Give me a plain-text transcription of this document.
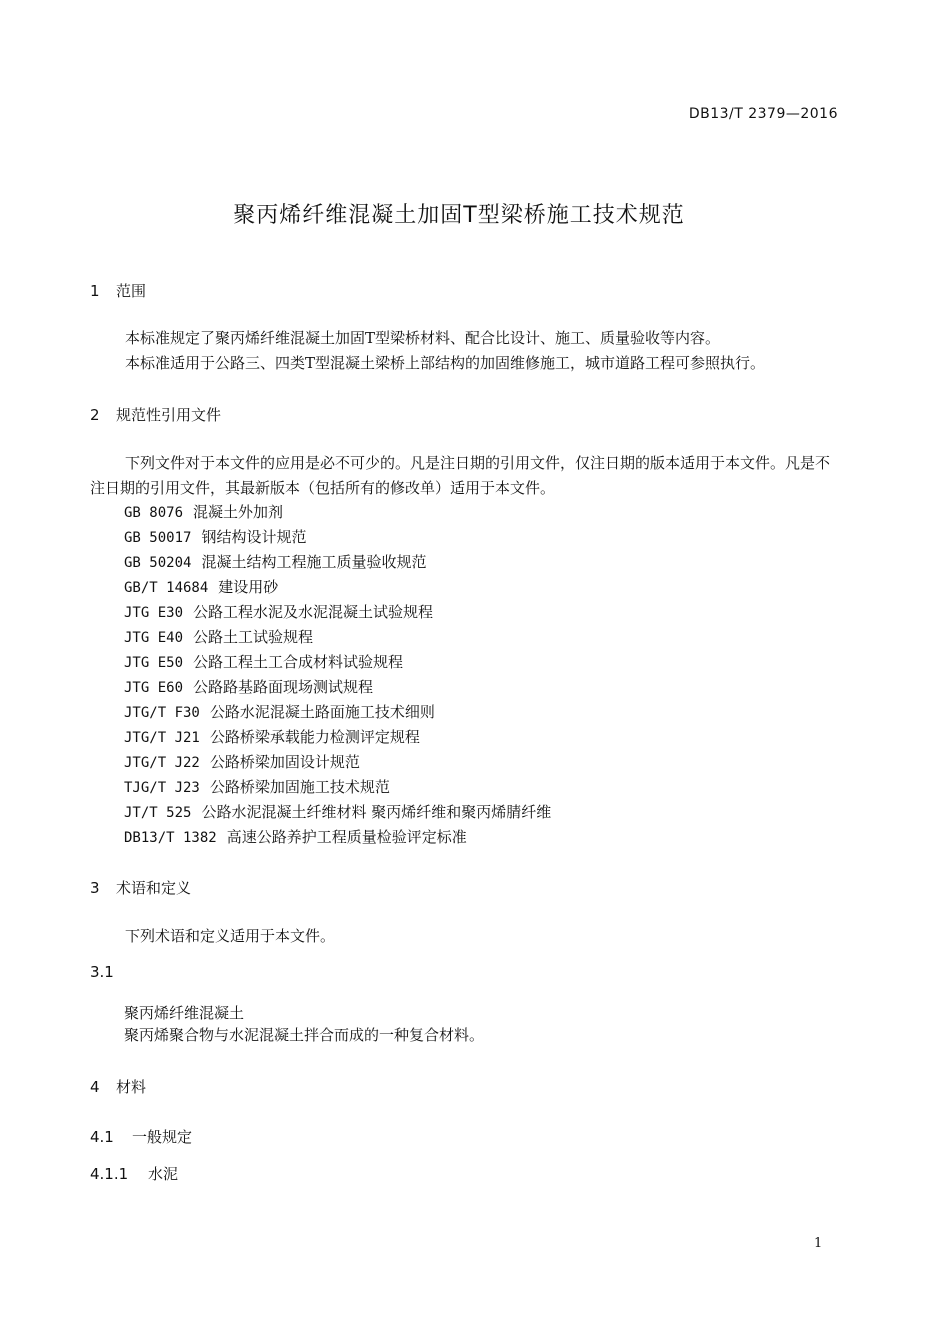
DB13/T 2379—2016
聚丙烯纤维混凝土加固T型梁桥施工技术规范
1 范围

本标准规定了聚丙烯纤维混凝土加固T型梁桥材料、配合比设计、施工、质量验收等内容。

本标准适用于公路三、四类T型混凝土梁桥上部结构的加固维修施工，城市道路工程可参照执行。

2 规范性引用文件

下列文件对于本文件的应用是必不可少的。凡是注日期的引用文件，仅注日期的版本适用于本文件。凡是不注日期的引用文件，其最新版本（包括所有的修改单）适用于本文件。

GB 8076 混凝土外加剂
GB 50017 钢结构设计规范
GB 50204 混凝土结构工程施工质量验收规范
GB/T 14684 建设用砂
JTG E30 公路工程水泥及水泥混凝土试验规程
JTG E40 公路土工试验规程
JTG E50 公路工程土工合成材料试验规程
JTG E60 公路路基路面现场测试规程
JTG/T F30 公路水泥混凝土路面施工技术细则
JTG/T J21 公路桥梁承载能力检测评定规程
JTG/T J22 公路桥梁加固设计规范
TJG/T J23 公路桥梁加固施工技术规范
JT/T 525 公路水泥混凝土纤维材料 聚丙烯纤维和聚丙烯腈纤维
DB13/T 1382 高速公路养护工程质量检验评定标准
3 术语和定义

下列术语和定义适用于本文件。

3.1
聚丙烯纤维混凝土
聚丙烯聚合物与水泥混凝土拌合而成的一种复合材料。
4 材料
4.1 一般规定
4.1.1 水泥
1
